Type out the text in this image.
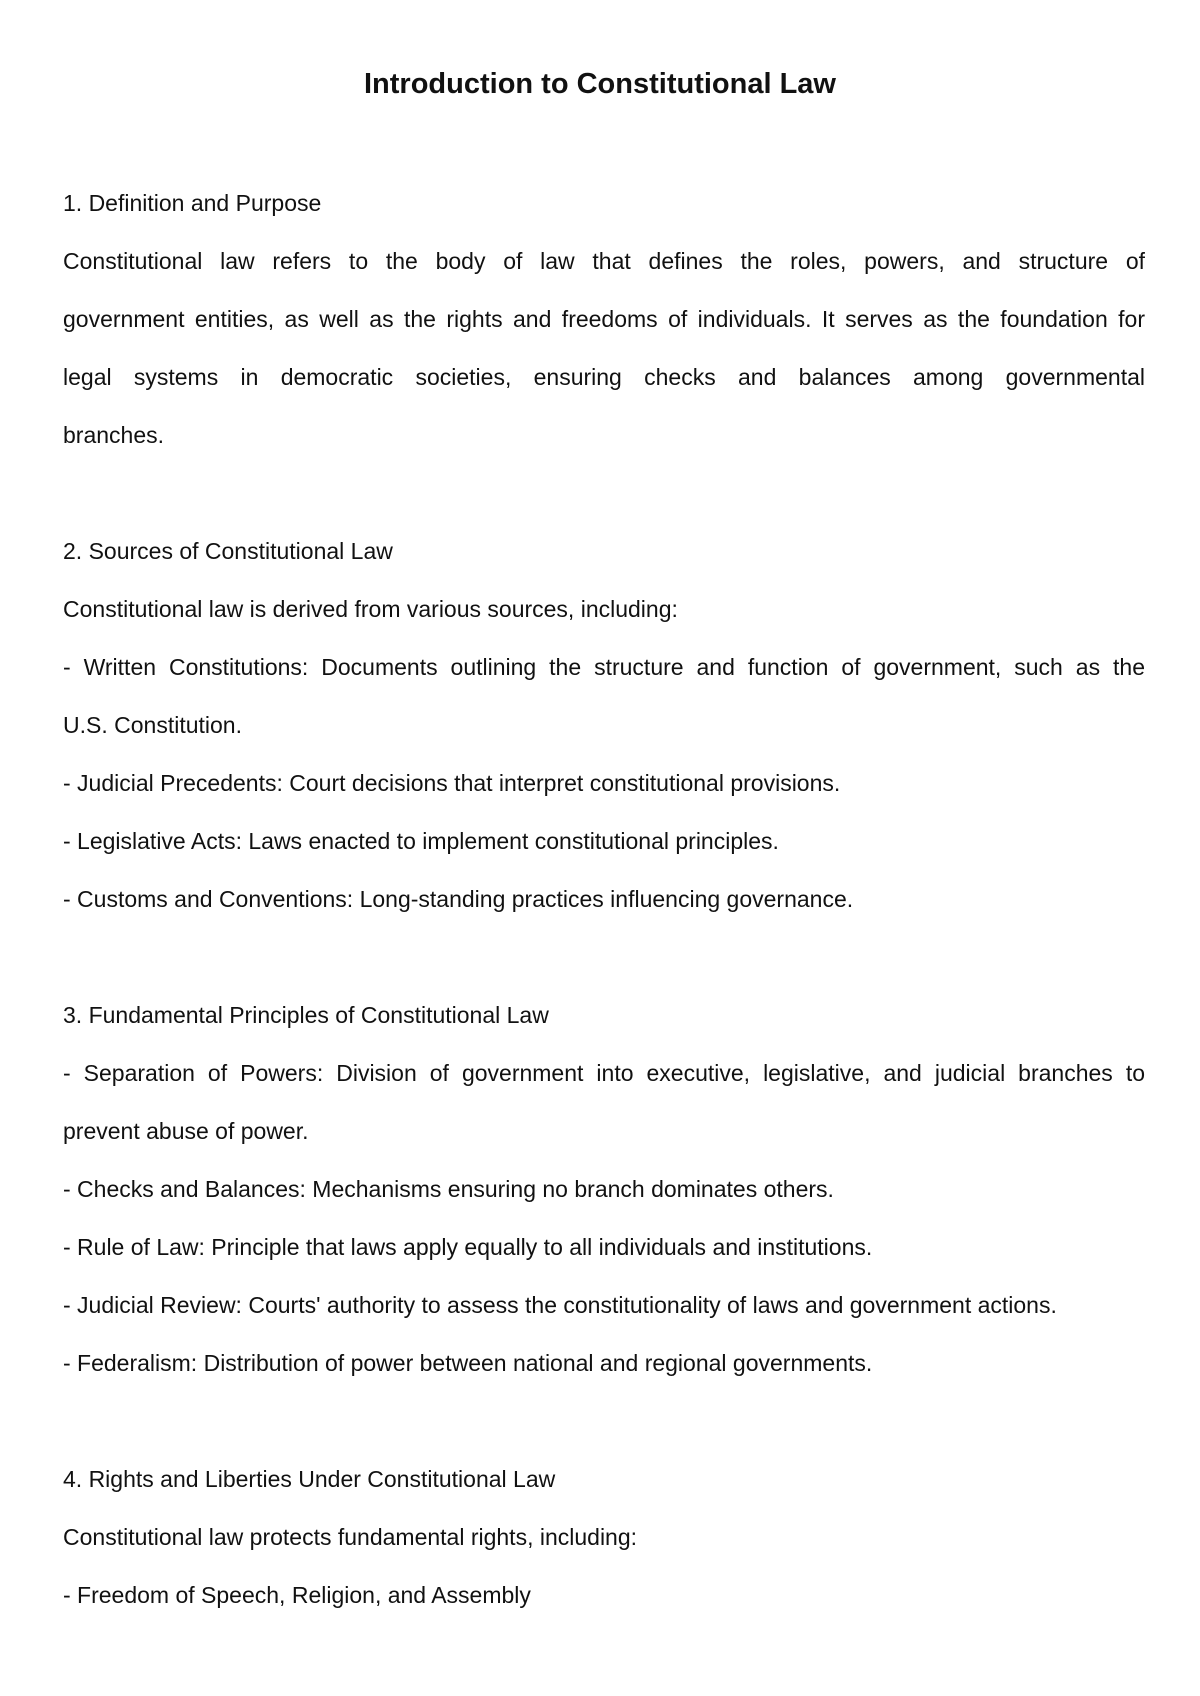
Introduction to Constitutional Law
1. Definition and Purpose
Constitutional law refers to the body of law that defines the roles, powers, and structure of
government entities, as well as the rights and freedoms of individuals. It serves as the foundation for
legal systems in democratic societies, ensuring checks and balances among governmental
branches.
2. Sources of Constitutional Law
Constitutional law is derived from various sources, including:
- Written Constitutions: Documents outlining the structure and function of government, such as the
U.S. Constitution.
- Judicial Precedents: Court decisions that interpret constitutional provisions.
- Legislative Acts: Laws enacted to implement constitutional principles.
- Customs and Conventions: Long-standing practices influencing governance.
3. Fundamental Principles of Constitutional Law
- Separation of Powers: Division of government into executive, legislative, and judicial branches to
prevent abuse of power.
- Checks and Balances: Mechanisms ensuring no branch dominates others.
- Rule of Law: Principle that laws apply equally to all individuals and institutions.
- Judicial Review: Courts' authority to assess the constitutionality of laws and government actions.
- Federalism: Distribution of power between national and regional governments.
4. Rights and Liberties Under Constitutional Law
Constitutional law protects fundamental rights, including:
- Freedom of Speech, Religion, and Assembly
